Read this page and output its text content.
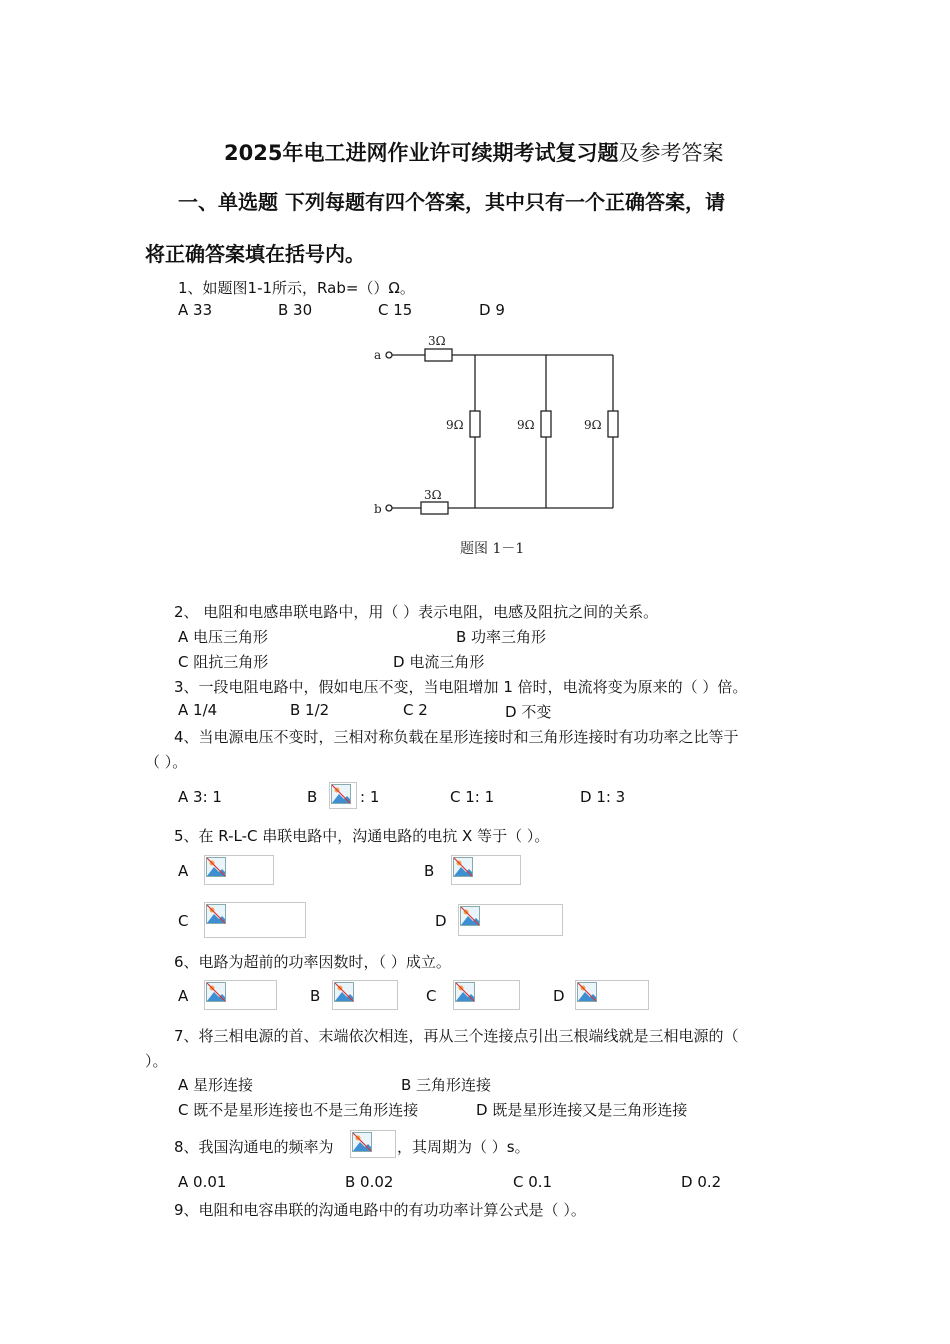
2025年电工进网作业许可续期考试复习题及参考答案
一、单选题 下列每题有四个答案，其中只有一个正确答案，请
将正确答案填在括号内。
1、如题图1-1所示，Rab=（）Ω。
A 33	B 30	C 15	D 9
a
b
3Ω
3Ω
9Ω	9Ω	9Ω
题图 1－1
2、 电阻和电感串联电路中，用（ ）表示电阻，电感及阻抗之间的关系。
A 电压三角形	B 功率三角形
C 阻抗三角形	D 电流三角形
3、一段电阻电路中，假如电压不变，当电阻增加 1 倍时，电流将变为原来的（ ）倍。
A 1/4	B 1/2	C 2	D 不变
4、当电源电压不变时，三相对称负载在星形连接时和三角形连接时有功功率之比等于
（ ）。
A 3: 1	B	: 1	C 1: 1	D 1: 3
5、在 R-L-C 串联电路中，沟通电路的电抗 X 等于（ ）。
A	B
C	D
6、电路为超前的功率因数时，（ ）成立。
A	B	C	D
7、将三相电源的首、末端依次相连，再从三个连接点引出三根端线就是三相电源的（
）。
A 星形连接	B 三角形连接
C 既不是星形连接也不是三角形连接	D 既是星形连接又是三角形连接
8、我国沟通电的频率为	，其周期为（ ）s。
A 0.01	B 0.02	C 0.1	D 0.2
9、电阻和电容串联的沟通电路中的有功功率计算公式是（ ）。
